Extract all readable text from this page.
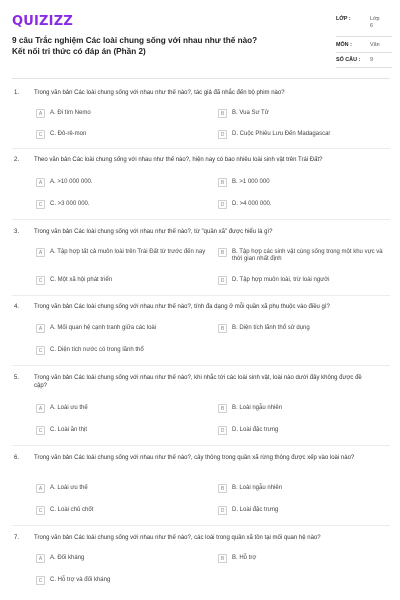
QUIZIZZ
9 câu Trắc nghiệm Các loài chung sống với nhau như thế nào? Kết nối tri thức có đáp án (Phần 2)
LỚP :	Lớp 6
MÔN :	Văn
SỐ CÂU : 9
1. Trong văn bản Các loài chung sống với nhau như thế nào?, tác giả đã nhắc đến bộ phim nào?
A	A. Đi tìm Nemo	B	B. Vua Sư Tử
C	C. Đô-rê-mon	D	D. Cuộc Phiêu Lưu Đến Madagascar
2. Theo văn bản Các loài chung sống với nhau như thế nào?, hiện nay có bao nhiêu loài sinh vật trên Trái Đất?
A	A. >10 000 000.	B	B. >1 000 000
C	C. >3 000 000.	D	D. >4 000 000.
3. Trong văn bản Các loài chung sống với nhau như thế nào?, từ "quần xã" được hiểu là gì?
A	A. Tập hợp tất cả muôn loài trên Trái Đất từ trước đến nay	B	B. Tập hợp các sinh vật cùng sống trong một khu vực và thời gian nhất định
C	C. Một xã hội phát triển	D	D. Tập hợp muôn loài, trừ loài người
4. Trong văn bản Các loài chung sống với nhau như thế nào?, tính đa dạng ở mỗi quần xã phụ thuộc vào điều gì?
A	A. Mối quan hệ cạnh tranh giữa các loài	B	B. Diện tích lãnh thổ sử dụng
C	C. Diện tích nước có trong lãnh thổ
5. Trong văn bản Các loài chung sống với nhau như thế nào?, khi nhắc tới các loài sinh vật, loài nào dưới đây không được đề cập?
A	A. Loài ưu thế	B	B. Loài ngẫu nhiên
C	C. Loài ăn thịt	D	D. Loài đặc trưng
6. Trong văn bản Các loài chung sống với nhau như thế nào?, cây thông trong quần xã rừng thông được xếp vào loài nào?
A	A. Loài ưu thế	B	B. Loài ngẫu nhiên
C	C. Loài chủ chốt	D	D. Loài đặc trưng
7. Trong văn bản Các loài chung sống với nhau như thế nào?, các loài trong quần xã tồn tại mối quan hệ nào?
A	A. Đối kháng	B	B. Hỗ trợ
C	C. Hỗ trợ và đối kháng
